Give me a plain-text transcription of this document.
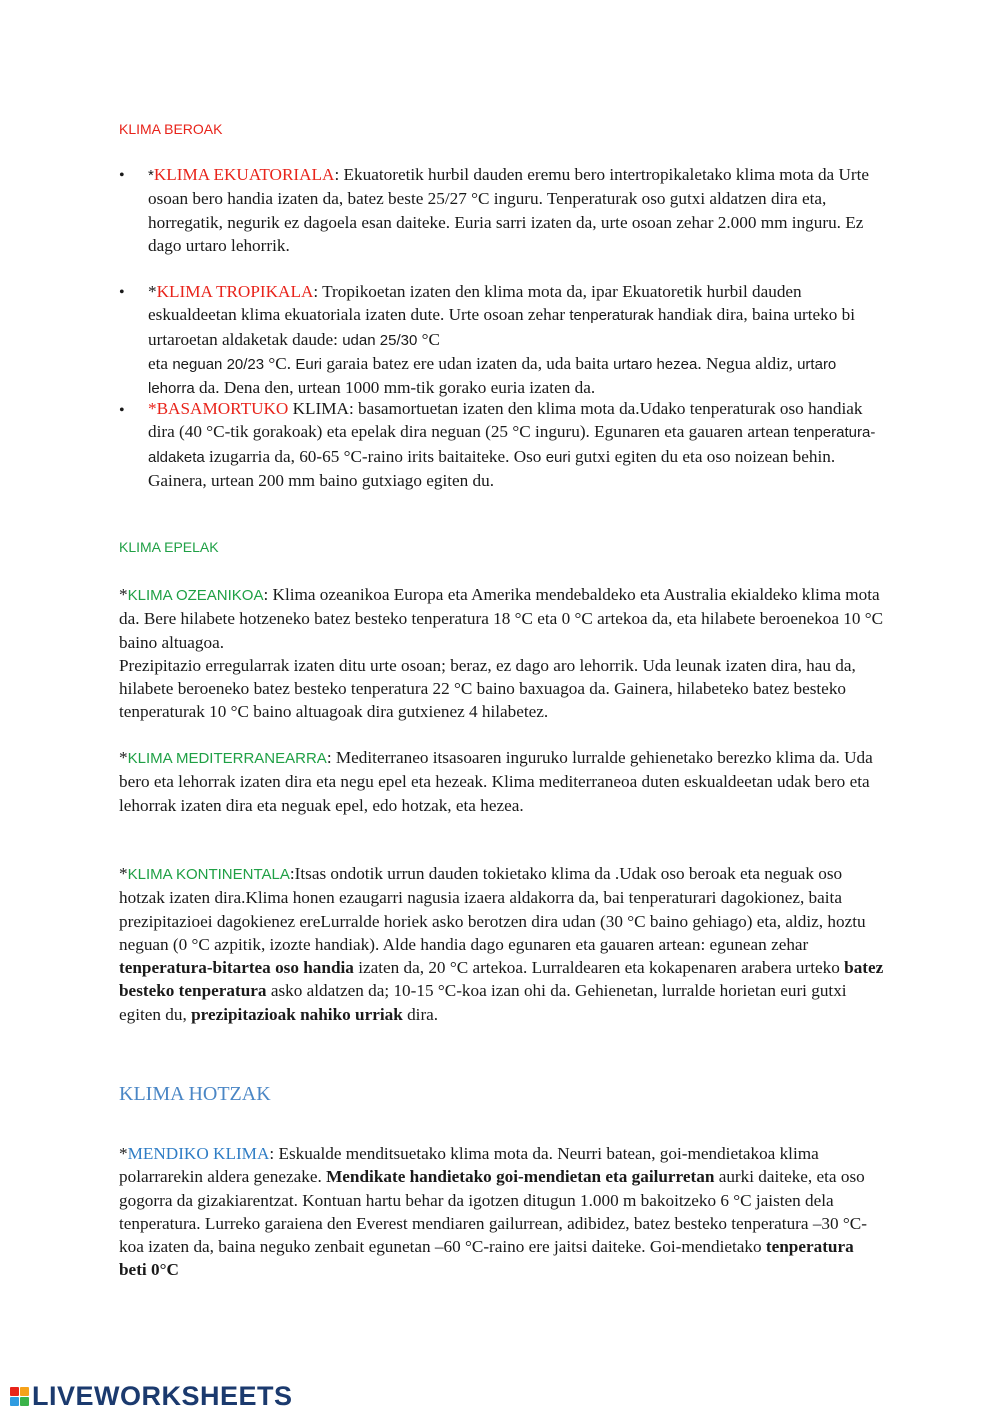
KLIMA BEROAK
• *KLIMA EKUATORIALA: Ekuatoretik hurbil dauden eremu bero intertropikaletako klima mota da Urte osoan bero handia izaten da, batez beste 25/27 °C inguru. Tenperaturak oso gutxi aldatzen dira eta, horregatik, negurik ez dagoela esan daiteke. Euria sarri izaten da, urte osoan zehar 2.000 mm inguru. Ez dago urtaro lehorrik.

• *KLIMA TROPIKALA: Tropikoetan izaten den klima mota da, ipar Ekuatoretik hurbil dauden eskualdeetan klima ekuatoriala izaten dute. Urte osoan zehar tenperaturak handiak dira, baina urteko bi urtaroetan aldaketak daude: udan 25/30 °C
eta neguan 20/23 °C. Euri garaia batez ere udan izaten da, uda baita urtaro hezea. Negua aldiz, urtaro lehorra da. Dena den, urtean 1000 mm-tik gorako euria izaten da.

• *BASAMORTUKO KLIMA: basamortuetan izaten den klima mota da.Udako tenperaturak oso handiak dira (40 °C-tik gorakoak) eta epelak dira neguan (25 °C inguru). Egunaren eta gauaren artean tenperatura-aldaketa izugarria da, 60-65 °C-raino irits baitaiteke. Oso euri gutxi egiten du eta oso noizean behin. Gainera, urtean 200 mm baino gutxiago egiten du.

KLIMA EPELAK

*KLIMA OZEANIKOA: Klima ozeanikoa Europa eta Amerika mendebaldeko eta Australia ekialdeko klima mota da. Bere hilabete hotzeneko batez besteko tenperatura 18 °C eta 0 °C artekoa da, eta hilabete beroenekoa 10 °C baino altuagoa.
Prezipitazio erregularrak izaten ditu urte osoan; beraz, ez dago aro lehorrik. Uda leunak izaten dira, hau da, hilabete beroeneko batez besteko tenperatura 22 °C baino baxuagoa da. Gainera, hilabeteko batez besteko tenperaturak 10 °C baino altuagoak dira gutxienez 4 hilabetez.

*KLIMA MEDITERRANEARRA: Mediterraneo itsasoaren inguruko lurralde gehienetako berezko klima da. Uda bero eta lehorrak izaten dira eta negu epel eta hezeak. Klima mediterraneoa duten eskualdeetan udak bero eta lehorrak izaten dira eta neguak epel, edo hotzak, eta hezea.

*KLIMA KONTINENTALA:Itsas ondotik urrun dauden tokietako klima da .Udak oso beroak eta neguak oso hotzak izaten dira.Klima honen ezaugarri nagusia izaera aldakorra da, bai tenperaturari dagokionez, baita prezipitazioei dagokienez ereLurralde horiek asko berotzen dira udan (30 °C baino gehiago) eta, aldiz, hoztu neguan (0 °C azpitik, izozte handiak). Alde handia dago egunaren eta gauaren artean: egunean zehar tenperatura-bitartea oso handia izaten da, 20 °C artekoa. Lurraldearen eta kokapenaren arabera urteko batez besteko tenperatura asko aldatzen da; 10-15 °C-koa izan ohi da. Gehienetan, lurralde horietan euri gutxi egiten du, prezipitazioak nahiko urriak dira.

KLIMA HOTZAK

*MENDIKO KLIMA: Eskualde menditsuetako klima mota da. Neurri batean, goi-mendietakoa klima polarrarekin aldera genezake. Mendikate handietako goi-mendietan eta gailurretan aurki daiteke, eta oso gogorra da gizakiarentzat. Kontuan hartu behar da igotzen ditugun 1.000 m bakoitzeko 6 °C jaisten dela tenperatura. Lurreko garaiena den Everest mendiaren gailurrean, adibidez, batez besteko tenperatura –30 °C-koa izaten da, baina neguko zenbait egunetan –60 °C-raino ere jaitsi daiteke. Goi-mendietako tenperatura beti 0°C

LIVEWORKSHEETS
